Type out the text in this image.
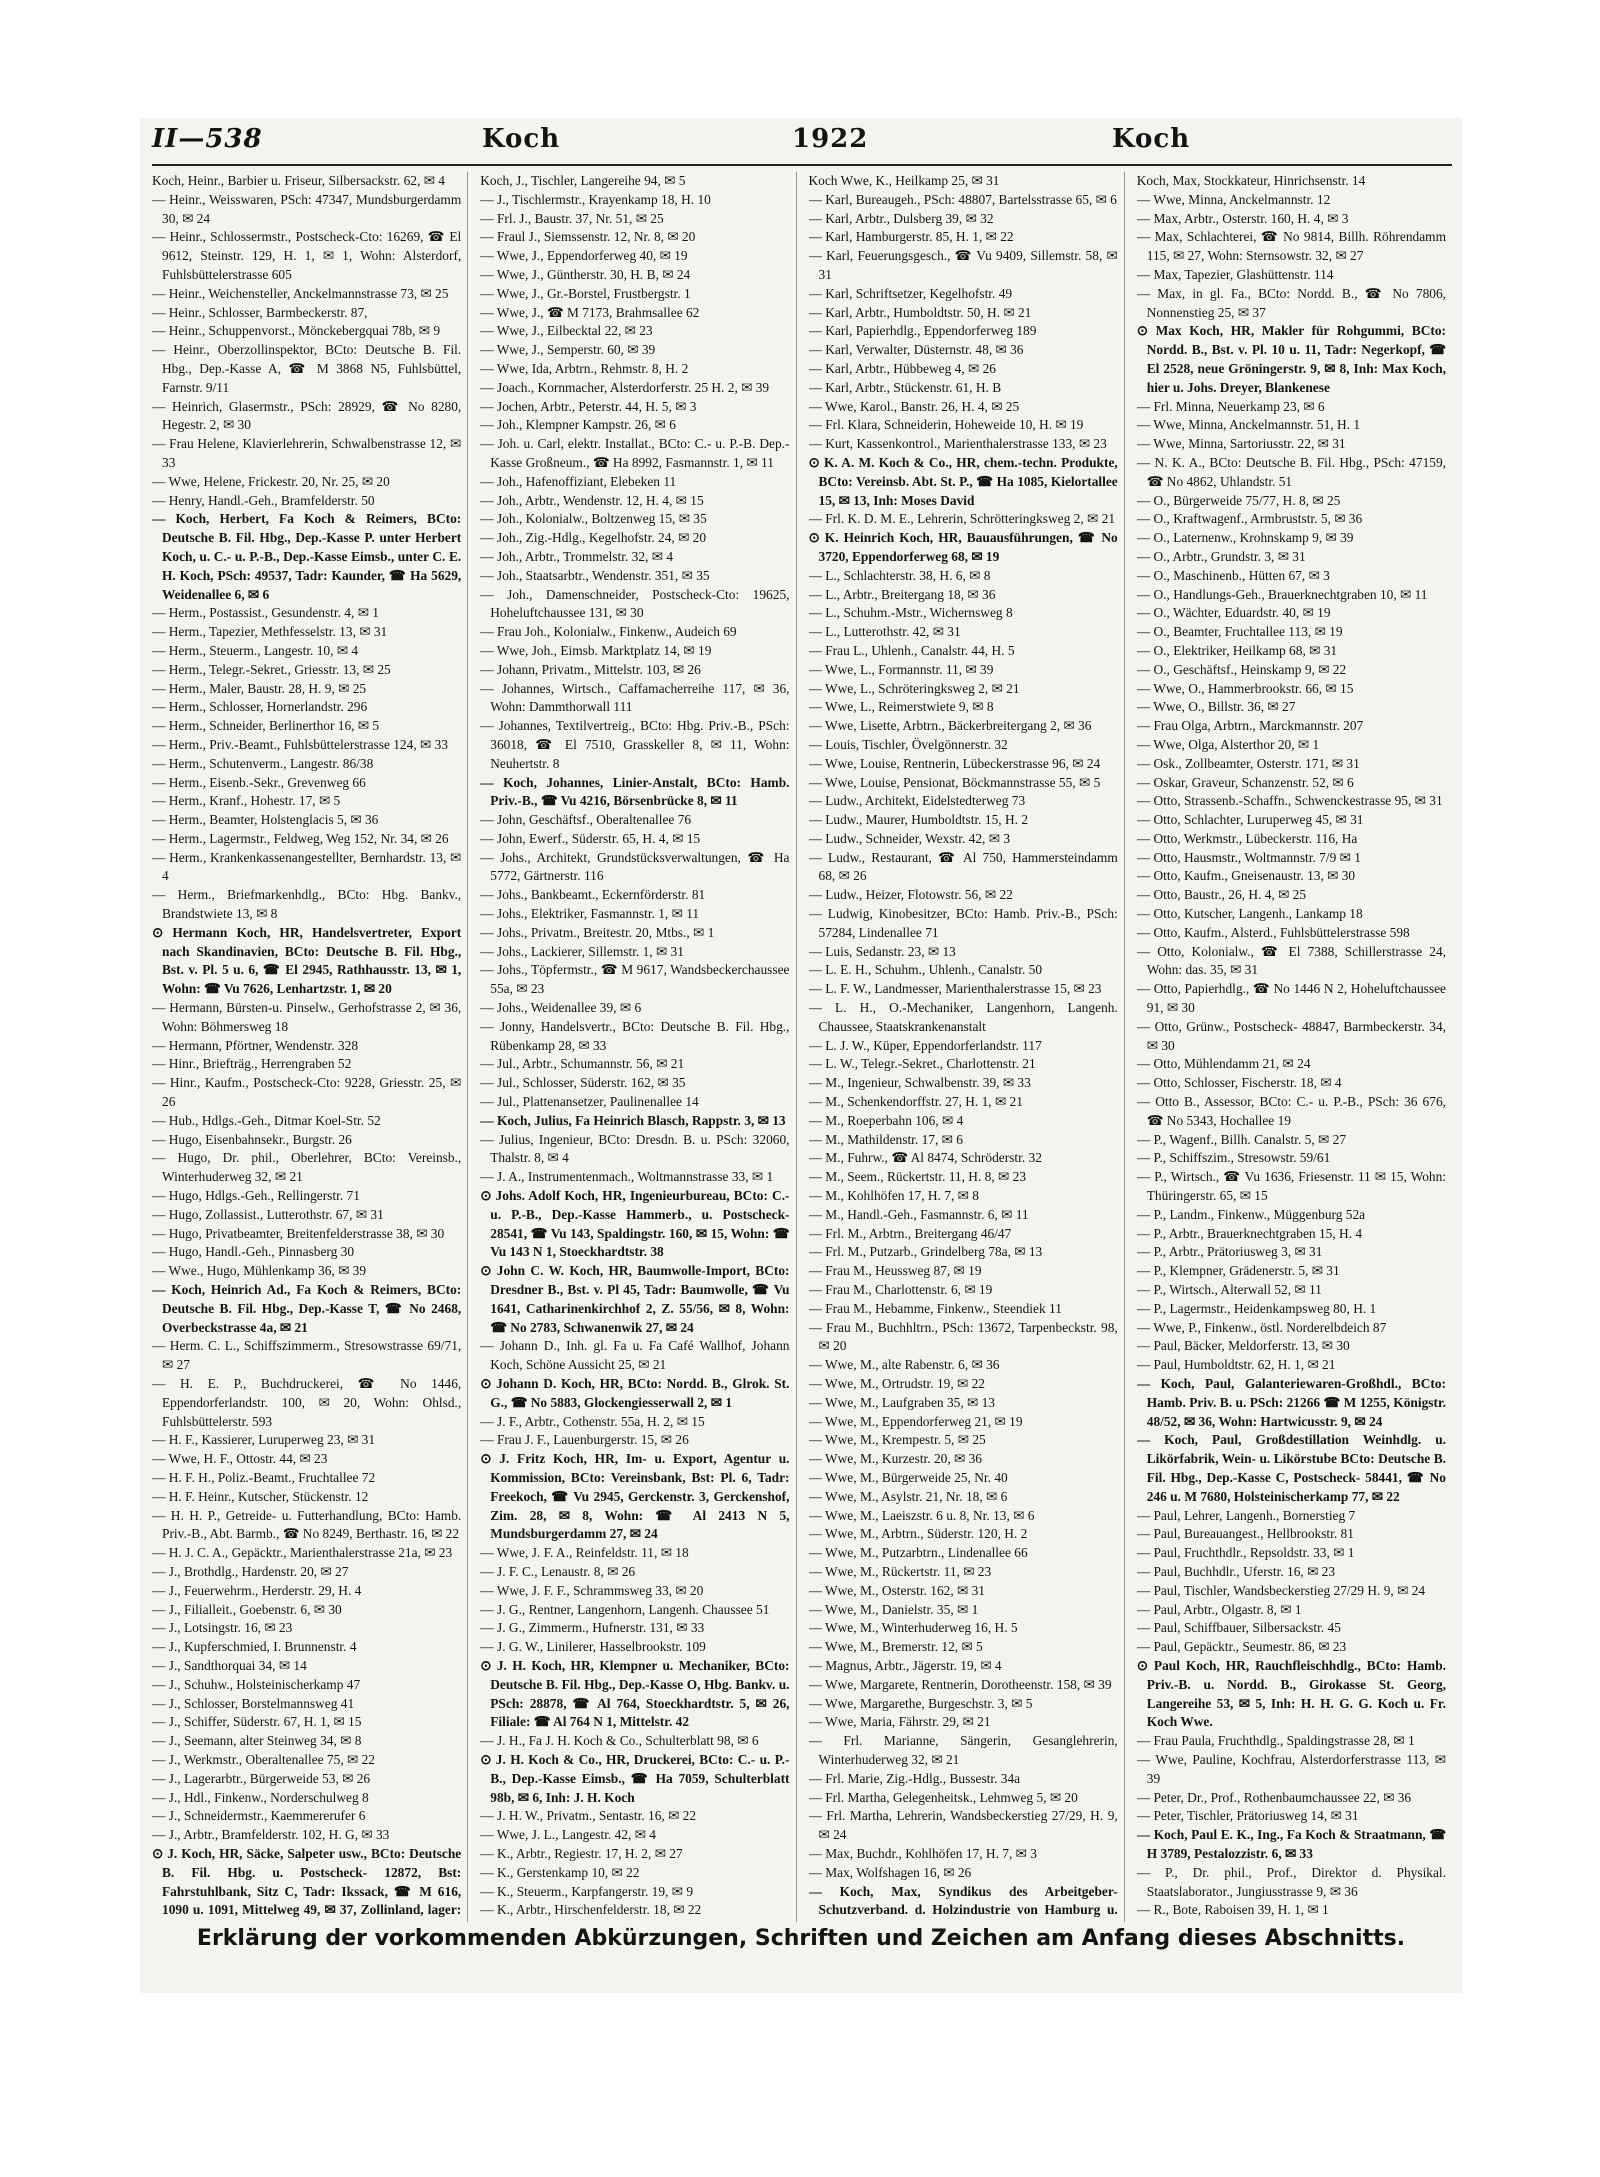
II—538	Koch	1922	Koch

Koch, Heinr., Barbier u. Friseur, Silbersackstr. 62, ✉ 4

— Heinr., Weisswaren, PSch: 47347, Mundsburgerdamm 30, ✉ 24

— Heinr., Schlossermstr., Postscheck-Cto: 16269, ☎ El 9612, Steinstr. 129, H. 1, ✉ 1, Wohn: Alsterdorf, Fuhlsbüttelerstrasse 605

— Heinr., Weichensteller, Anckelmannstrasse 73, ✉ 25

— Heinr., Schlosser, Barmbeckerstr. 87,

— Heinr., Schuppenvorst., Mönckebergquai 78b, ✉ 9

— Heinr., Oberzollinspektor, BCto: Deutsche B. Fil. Hbg., Dep.-Kasse A, ☎ M 3868 N5, Fuhlsbüttel, Farnstr. 9/11

— Heinrich, Glasermstr., PSch: 28929, ☎ No 8280, Hegestr. 2, ✉ 30

— Frau Helene, Klavierlehrerin, Schwalbenstrasse 12, ✉ 33

— Wwe, Helene, Frickestr. 20, Nr. 25, ✉ 20

— Henry, Handl.-Geh., Bramfelderstr. 50

— Koch, Herbert, Fa Koch & Reimers, BCto: Deutsche B. Fil. Hbg., Dep.-Kasse P. unter Herbert Koch, u. C.- u. P.-B., Dep.-Kasse Eimsb., unter C. E. H. Koch, PSch: 49537, Tadr: Kaunder, ☎ Ha 5629, Weidenallee 6, ✉ 6

— Herm., Postassist., Gesundenstr. 4, ✉ 1

— Herm., Tapezier, Methfesselstr. 13, ✉ 31

— Herm., Steuerm., Langestr. 10, ✉ 4

— Herm., Telegr.-Sekret., Griesstr. 13, ✉ 25

— Herm., Maler, Baustr. 28, H. 9, ✉ 25

— Herm., Schlosser, Hornerlandstr. 296

— Herm., Schneider, Berlinerthor 16, ✉ 5

— Herm., Priv.-Beamt., Fuhlsbüttelerstrasse 124, ✉ 33

— Herm., Schutenverm., Langestr. 86/38

— Herm., Eisenb.-Sekr., Grevenweg 66

— Herm., Kranf., Hohestr. 17, ✉ 5

— Herm., Beamter, Holstenglacis 5, ✉ 36

— Herm., Lagermstr., Feldweg, Weg 152, Nr. 34, ✉ 26

— Herm., Krankenkassenangestellter, Bernhardstr. 13, ✉ 4

— Herm., Briefmarkenhdlg., BCto: Hbg. Bankv., Brandstwiete 13, ✉ 8

⊙ Hermann Koch, HR, Handelsvertreter, Export nach Skandinavien, BCto: Deutsche B. Fil. Hbg., Bst. v. Pl. 5 u. 6, ☎ El 2945, Rathhausstr. 13, ✉ 1, Wohn: ☎ Vu 7626, Lenhartzstr. 1, ✉ 20

— Hermann, Bürsten-u. Pinselw., Gerhofstrasse 2, ✉ 36, Wohn: Böhmersweg 18

— Hermann, Pförtner, Wendenstr. 328

— Hinr., Briefträg., Herrengraben 52

— Hinr., Kaufm., Postscheck-Cto: 9228, Griesstr. 25, ✉ 26

— Hub., Hdlgs.-Geh., Ditmar Koel-Str. 52

— Hugo, Eisenbahnsekr., Burgstr. 26

— Hugo, Dr. phil., Oberlehrer, BCto: Vereinsb., Winterhuderweg 32, ✉ 21

— Hugo, Hdlgs.-Geh., Rellingerstr. 71

— Hugo, Zollassist., Lutterothstr. 67, ✉ 31

— Hugo, Privatbeamter, Breitenfelderstrasse 38, ✉ 30

— Hugo, Handl.-Geh., Pinnasberg 30

— Wwe., Hugo, Mühlenkamp 36, ✉ 39

— Koch, Heinrich Ad., Fa Koch & Reimers, BCto: Deutsche B. Fil. Hbg., Dep.-Kasse T, ☎ No 2468, Overbeckstrasse 4a, ✉ 21

— Herm. C. L., Schiffszimmerm., Stresowstrasse 69/71, ✉ 27

— H. E. P., Buchdruckerei, ☎ No 1446, Eppendorferlandstr. 100, ✉ 20, Wohn: Ohlsd., Fuhlsbüttelerstr. 593

— H. F., Kassierer, Luruperweg 23, ✉ 31

— Wwe, H. F., Ottostr. 44, ✉ 23

— H. F. H., Poliz.-Beamt., Fruchtallee 72

— H. F. Heinr., Kutscher, Stückenstr. 12

— H. H. P., Getreide- u. Futterhandlung, BCto: Hamb. Priv.-B., Abt. Barmb., ☎ No 8249, Berthastr. 16, ✉ 22

— H. J. C. A., Gepäcktr., Marienthalerstrasse 21a, ✉ 23

— J., Brothdlg., Hardenstr. 20, ✉ 27

— J., Feuerwehrm., Herderstr. 29, H. 4

— J., Filialleit., Goebenstr. 6, ✉ 30

— J., Lotsingstr. 16, ✉ 23

— J., Kupferschmied, I. Brunnenstr. 4

— J., Sandthorquai 34, ✉ 14

— J., Schuhw., Holsteinischerkamp 47

— J., Schlosser, Borstelmannsweg 41

— J., Schiffer, Süderstr. 67, H. 1, ✉ 15

— J., Seemann, alter Steinweg 34, ✉ 8

— J., Werkmstr., Oberaltenallee 75, ✉ 22

— J., Lagerarbtr., Bürgerweide 53, ✉ 26

— J., Hdl., Finkenw., Norderschulweg 8

— J., Schneidermstr., Kaemmererufer 6

— J., Arbtr., Bramfelderstr. 102, H. G, ✉ 33

⊙ J. Koch, HR, Säcke, Salpeter usw., BCto: Deutsche B. Fil. Hbg. u. Postscheck- 12872, Bst: Fahrstuhlbank, Sitz C, Tadr: Ikssack, ☎ M 616, 1090 u. 1091, Mittelweg 49, ✉ 37, Zollinland, lager:

Koch, J., Tischler, Langereihe 94, ✉ 5

— J., Tischlermstr., Krayenkamp 18, H. 10

— Frl. J., Baustr. 37, Nr. 51, ✉ 25

— Fraul J., Siemssenstr. 12, Nr. 8, ✉ 20

— Wwe, J., Eppendorferweg 40, ✉ 19

— Wwe, J., Güntherstr. 30, H. B, ✉ 24

— Wwe, J., Gr.-Borstel, Frustbergstr. 1

— Wwe, J., ☎ M 7173, Brahmsallee 62

— Wwe, J., Eilbecktal 22, ✉ 23

— Wwe, J., Semperstr. 60, ✉ 39

— Wwe, Ida, Arbtrn., Rehmstr. 8, H. 2

— Joach., Kornmacher, Alsterdorferstr. 25 H. 2, ✉ 39

— Jochen, Arbtr., Peterstr. 44, H. 5, ✉ 3

— Joh., Klempner Kampstr. 26, ✉ 6

— Joh. u. Carl, elektr. Installat., BCto: C.- u. P.-B. Dep.-Kasse Großneum., ☎ Ha 8992, Fasmannstr. 1, ✉ 11

— Joh., Hafenoffiziant, Elebeken 11

— Joh., Arbtr., Wendenstr. 12, H. 4, ✉ 15

— Joh., Kolonialw., Boltzenweg 15, ✉ 35

— Joh., Zig.-Hdlg., Kegelhofstr. 24, ✉ 20

— Joh., Arbtr., Trommelstr. 32, ✉ 4

— Joh., Staatsarbtr., Wendenstr. 351, ✉ 35

— Joh., Damenschneider, Postscheck-Cto: 19625, Hoheluftchaussee 131, ✉ 30

— Frau Joh., Kolonialw., Finkenw., Audeich 69

— Wwe, Joh., Eimsb. Marktplatz 14, ✉ 19

— Johann, Privatm., Mittelstr. 103, ✉ 26

— Johannes, Wirtsch., Caffamacherreihe 117, ✉ 36, Wohn: Dammthorwall 111

— Johannes, Textilvertreig., BCto: Hbg. Priv.-B., PSch: 36018, ☎ El 7510, Grasskeller 8, ✉ 11, Wohn: Neuhertstr. 8

— Koch, Johannes, Linier-Anstalt, BCto: Hamb. Priv.-B., ☎ Vu 4216, Börsenbrücke 8, ✉ 11

— John, Geschäftsf., Oberaltenallee 76

— John, Ewerf., Süderstr. 65, H. 4, ✉ 15

— Johs., Architekt, Grundstücksverwaltungen, ☎ Ha 5772, Gärtnerstr. 116

— Johs., Bankbeamt., Eckernförderstr. 81

— Johs., Elektriker, Fasmannstr. 1, ✉ 11

— Johs., Privatm., Breitestr. 20, Mtbs., ✉ 1

— Johs., Lackierer, Sillemstr. 1, ✉ 31

— Johs., Töpfermstr., ☎ M 9617, Wandsbeckerchaussee 55a, ✉ 23

— Johs., Weidenallee 39, ✉ 6

— Jonny, Handelsvertr., BCto: Deutsche B. Fil. Hbg., Rübenkamp 28, ✉ 33

— Jul., Arbtr., Schumannstr. 56, ✉ 21

— Jul., Schlosser, Süderstr. 162, ✉ 35

— Jul., Plattenansetzer, Paulinenallee 14

— Koch, Julius, Fa Heinrich Blasch, Rappstr. 3, ✉ 13

— Julius, Ingenieur, BCto: Dresdn. B. u. PSch: 32060, Thalstr. 8, ✉ 4

— J. A., Instrumentenmach., Woltmannstrasse 33, ✉ 1

⊙ Johs. Adolf Koch, HR, Ingenieurbureau, BCto: C.- u. P.-B., Dep.-Kasse Hammerb., u. Postscheck- 28541, ☎ Vu 143, Spaldingstr. 160, ✉ 15, Wohn: ☎ Vu 143 N 1, Stoeckhardtstr. 38

⊙ John C. W. Koch, HR, Baumwolle-Import, BCto: Dresdner B., Bst. v. Pl 45, Tadr: Baumwolle, ☎ Vu 1641, Catharinenkirchhof 2, Z. 55/56, ✉ 8, Wohn: ☎ No 2783, Schwanenwik 27, ✉ 24

— Johann D., Inh. gl. Fa u. Fa Café Wallhof, Johann Koch, Schöne Aussicht 25, ✉ 21

⊙ Johann D. Koch, HR, BCto: Nordd. B., Glrok. St. G., ☎ No 5883, Glockengiesserwall 2, ✉ 1

— J. F., Arbtr., Cothenstr. 55a, H. 2, ✉ 15

— Frau J. F., Lauenburgerstr. 15, ✉ 26

⊙ J. Fritz Koch, HR, Im- u. Export, Agentur u. Kommission, BCto: Vereinsbank, Bst: Pl. 6, Tadr: Freekoch, ☎ Vu 2945, Gerckenstr. 3, Gerckenshof, Zim. 28, ✉ 8, Wohn: ☎ Al 2413 N 5, Mundsburgerdamm 27, ✉ 24

— Wwe, J. F. A., Reinfeldstr. 11, ✉ 18

— J. F. C., Lenaustr. 8, ✉ 26

— Wwe, J. F. F., Schrammsweg 33, ✉ 20

— J. G., Rentner, Langenhorn, Langenh. Chaussee 51

— J. G., Zimmerm., Hufnerstr. 131, ✉ 33

— J. G. W., Linilerer, Hasselbrookstr. 109

⊙ J. H. Koch, HR, Klempner u. Mechaniker, BCto: Deutsche B. Fil. Hbg., Dep.-Kasse O, Hbg. Bankv. u. PSch: 28878, ☎ Al 764, Stoeckhardtstr. 5, ✉ 26, Filiale: ☎ Al 764 N 1, Mittelstr. 42

— J. H., Fa J. H. Koch & Co., Schulterblatt 98, ✉ 6

⊙ J. H. Koch & Co., HR, Druckerei, BCto: C.- u. P.-B., Dep.-Kasse Eimsb., ☎ Ha 7059, Schulterblatt 98b, ✉ 6, Inh: J. H. Koch

— J. H. W., Privatm., Sentastr. 16, ✉ 22

— Wwe, J. L., Langestr. 42, ✉ 4

— K., Arbtr., Regiestr. 17, H. 2, ✉ 27

— K., Gerstenkamp 10, ✉ 22

— K., Steuerm., Karpfangerstr. 19, ✉ 9

— K., Arbtr., Hirschenfelderstr. 18, ✉ 22

Koch Wwe, K., Heilkamp 25, ✉ 31

— Karl, Bureaugeh., PSch: 48807, Bartelsstrasse 65, ✉ 6

— Karl, Arbtr., Dulsberg 39, ✉ 32

— Karl, Hamburgerstr. 85, H. 1, ✉ 22

— Karl, Feuerungsgesch., ☎ Vu 9409, Sillemstr. 58, ✉ 31

— Karl, Schriftsetzer, Kegelhofstr. 49

— Karl, Arbtr., Humboldtstr. 50, H. ✉ 21

— Karl, Papierhdlg., Eppendorferweg 189

— Karl, Verwalter, Düsternstr. 48, ✉ 36

— Karl, Arbtr., Hübbeweg 4, ✉ 26

— Karl, Arbtr., Stückenstr. 61, H. B

— Wwe, Karol., Banstr. 26, H. 4, ✉ 25

— Frl. Klara, Schneiderin, Hoheweide 10, H. ✉ 19

— Kurt, Kassenkontrol., Marienthalerstrasse 133, ✉ 23

⊙ K. A. M. Koch & Co., HR, chem.-techn. Produkte, BCto: Vereinsb. Abt. St. P., ☎ Ha 1085, Kielortallee 15, ✉ 13, Inh: Moses David

— Frl. K. D. M. E., Lehrerin, Schrötteringksweg 2, ✉ 21

⊙ K. Heinrich Koch, HR, Bauausführungen, ☎ No 3720, Eppendorferweg 68, ✉ 19

— L., Schlachterstr. 38, H. 6, ✉ 8

— L., Arbtr., Breitergang 18, ✉ 36

— L., Schuhm.-Mstr., Wichernsweg 8

— L., Lutterothstr. 42, ✉ 31

— Frau L., Uhlenh., Canalstr. 44, H. 5

— Wwe, L., Formannstr. 11, ✉ 39

— Wwe, L., Schröteringksweg 2, ✉ 21

— Wwe, L., Reimerstwiete 9, ✉ 8

— Wwe, Lisette, Arbtrn., Bäckerbreitergang 2, ✉ 36

— Louis, Tischler, Övelgönnerstr. 32

— Wwe, Louise, Rentnerin, Lübeckerstrasse 96, ✉ 24

— Wwe, Louise, Pensionat, Böckmannstrasse 55, ✉ 5

— Ludw., Architekt, Eidelstedterweg 73

— Ludw., Maurer, Humboldtstr. 15, H. 2

— Ludw., Schneider, Wexstr. 42, ✉ 3

— Ludw., Restaurant, ☎ Al 750, Hammersteindamm 68, ✉ 26

— Ludw., Heizer, Flotowstr. 56, ✉ 22

— Ludwig, Kinobesitzer, BCto: Hamb. Priv.-B., PSch: 57284, Lindenallee 71

— Luis, Sedanstr. 23, ✉ 13

— L. E. H., Schuhm., Uhlenh., Canalstr. 50

— L. F. W., Landmesser, Marienthalerstrasse 15, ✉ 23

— L. H., O.-Mechaniker, Langenhorn, Langenh. Chaussee, Staatskrankenanstalt

— L. J. W., Küper, Eppendorferlandstr. 117

— L. W., Telegr.-Sekret., Charlottenstr. 21

— M., Ingenieur, Schwalbenstr. 39, ✉ 33

— M., Schenkendorffstr. 27, H. 1, ✉ 21

— M., Roeperbahn 106, ✉ 4

— M., Mathildenstr. 17, ✉ 6

— M., Fuhrw., ☎ Al 8474, Schröderstr. 32

— M., Seem., Rückertstr. 11, H. 8, ✉ 23

— M., Kohlhöfen 17, H. 7, ✉ 8

— M., Handl.-Geh., Fasmannstr. 6, ✉ 11

— Frl. M., Arbtrn., Breitergang 46/47

— Frl. M., Putzarb., Grindelberg 78a, ✉ 13

— Frau M., Heussweg 87, ✉ 19

— Frau M., Charlottenstr. 6, ✉ 19

— Frau M., Hebamme, Finkenw., Steendiek 11

— Frau M., Buchhltrn., PSch: 13672, Tarpenbeckstr. 98, ✉ 20

— Wwe, M., alte Rabenstr. 6, ✉ 36

— Wwe, M., Ortrudstr. 19, ✉ 22

— Wwe, M., Laufgraben 35, ✉ 13

— Wwe, M., Eppendorferweg 21, ✉ 19

— Wwe, M., Krempestr. 5, ✉ 25

— Wwe, M., Kurzestr. 20, ✉ 36

— Wwe, M., Bürgerweide 25, Nr. 40

— Wwe, M., Asylstr. 21, Nr. 18, ✉ 6

— Wwe, M., Laeiszstr. 6 u. 8, Nr. 13, ✉ 6

— Wwe, M., Arbtrn., Süderstr. 120, H. 2

— Wwe, M., Putzarbtrn., Lindenallee 66

— Wwe, M., Rückertstr. 11, ✉ 23

— Wwe, M., Osterstr. 162, ✉ 31

— Wwe, M., Danielstr. 35, ✉ 1

— Wwe, M., Winterhuderweg 16, H. 5

— Wwe, M., Bremerstr. 12, ✉ 5

— Magnus, Arbtr., Jägerstr. 19, ✉ 4

— Wwe, Margarete, Rentnerin, Dorotheenstr. 158, ✉ 39

— Wwe, Margarethe, Burgeschstr. 3, ✉ 5

— Wwe, Maria, Fährstr. 29, ✉ 21

— Frl. Marianne, Sängerin, Gesanglehrerin, Winterhuderweg 32, ✉ 21

— Frl. Marie, Zig.-Hdlg., Bussestr. 34a

— Frl. Martha, Gelegenheitsk., Lehmweg 5, ✉ 20

— Frl. Martha, Lehrerin, Wandsbeckerstieg 27/29, H. 9, ✉ 24

— Max, Buchdr., Kohlhöfen 17, H. 7, ✉ 3

— Max, Wolfshagen 16, ✉ 26

— Koch, Max, Syndikus des Arbeitgeber-Schutzverband. d. Holzindustrie von Hamburg u.

Koch, Max, Stockkateur, Hinrichsenstr. 14

— Wwe, Minna, Anckelmannstr. 12

— Max, Arbtr., Osterstr. 160, H. 4, ✉ 3

— Max, Schlachterei, ☎ No 9814, Billh. Röhrendamm 115, ✉ 27, Wohn: Sternsowstr. 32, ✉ 27

— Max, Tapezier, Glashüttenstr. 114

— Max, in gl. Fa., BCto: Nordd. B., ☎ No 7806, Nonnenstieg 25, ✉ 37

⊙ Max Koch, HR, Makler für Rohgummi, BCto: Nordd. B., Bst. v. Pl. 10 u. 11, Tadr: Negerkopf, ☎ El 2528, neue Gröningerstr. 9, ✉ 8, Inh: Max Koch, hier u. Johs. Dreyer, Blankenese

— Frl. Minna, Neuerkamp 23, ✉ 6

— Wwe, Minna, Anckelmannstr. 51, H. 1

— Wwe, Minna, Sartoriusstr. 22, ✉ 31

— N. K. A., BCto: Deutsche B. Fil. Hbg., PSch: 47159, ☎ No 4862, Uhlandstr. 51

— O., Bürgerweide 75/77, H. 8, ✉ 25

— O., Kraftwagenf., Armbruststr. 5, ✉ 36

— O., Laternenw., Krohnskamp 9, ✉ 39

— O., Arbtr., Grundstr. 3, ✉ 31

— O., Maschinenb., Hütten 67, ✉ 3

— O., Handlungs-Geh., Brauerknechtgraben 10, ✉ 11

— O., Wächter, Eduardstr. 40, ✉ 19

— O., Beamter, Fruchtallee 113, ✉ 19

— O., Elektriker, Heilkamp 68, ✉ 31

— O., Geschäftsf., Heinskamp 9, ✉ 22

— Wwe, O., Hammerbrookstr. 66, ✉ 15

— Wwe, O., Billstr. 36, ✉ 27

— Frau Olga, Arbtrn., Marckmannstr. 207

— Wwe, Olga, Alsterthor 20, ✉ 1

— Osk., Zollbeamter, Osterstr. 171, ✉ 31

— Oskar, Graveur, Schanzenstr. 52, ✉ 6

— Otto, Strassenb.-Schaffn., Schwenckestrasse 95, ✉ 31

— Otto, Schlachter, Luruperweg 45, ✉ 31

— Otto, Werkmstr., Lübeckerstr. 116, Ha

— Otto, Hausmstr., Woltmannstr. 7/9 ✉ 1

— Otto, Kaufm., Gneisenaustr. 13, ✉ 30

— Otto, Baustr., 26, H. 4, ✉ 25

— Otto, Kutscher, Langenh., Lankamp 18

— Otto, Kaufm., Alsterd., Fuhlsbüttelerstrasse 598

— Otto, Kolonialw., ☎ El 7388, Schillerstrasse 24, Wohn: das. 35, ✉ 31

— Otto, Papierhdlg., ☎ No 1446 N 2, Hoheluftchaussee 91, ✉ 30

— Otto, Grünw., Postscheck- 48847, Barmbeckerstr. 34, ✉ 30

— Otto, Mühlendamm 21, ✉ 24

— Otto, Schlosser, Fischerstr. 18, ✉ 4

— Otto B., Assessor, BCto: C.- u. P.-B., PSch: 36 676, ☎ No 5343, Hochallee 19

— P., Wagenf., Billh. Canalstr. 5, ✉ 27

— P., Schiffszim., Stresowstr. 59/61

— P., Wirtsch., ☎ Vu 1636, Friesenstr. 11 ✉ 15, Wohn: Thüringerstr. 65, ✉ 15

— P., Landm., Finkenw., Müggenburg 52a

— P., Arbtr., Brauerknechtgraben 15, H. 4

— P., Arbtr., Prätoriusweg 3, ✉ 31

— P., Klempner, Grädenerstr. 5, ✉ 31

— P., Wirtsch., Alterwall 52, ✉ 11

— P., Lagermstr., Heidenkampsweg 80, H. 1

— Wwe, P., Finkenw., östl. Norderelbdeich 87

— Paul, Bäcker, Meldorferstr. 13, ✉ 30

— Paul, Humboldtstr. 62, H. 1, ✉ 21

— Koch, Paul, Galanteriewaren-Großhdl., BCto: Hamb. Priv. B. u. PSch: 21266 ☎ M 1255, Königstr. 48/52, ✉ 36, Wohn: Hartwicusstr. 9, ✉ 24

— Koch, Paul, Großdestillation Weinhdlg. u. Likörfabrik, Wein- u. Likörstube BCto: Deutsche B. Fil. Hbg., Dep.-Kasse C, Postscheck- 58441, ☎ No 246 u. M 7680, Holsteinischerkamp 77, ✉ 22

— Paul, Lehrer, Langenh., Bornerstieg 7

— Paul, Bureauangest., Hellbrookstr. 81

— Paul, Fruchthdlr., Repsoldstr. 33, ✉ 1

— Paul, Buchhdlr., Uferstr. 16, ✉ 23

— Paul, Tischler, Wandsbeckerstieg 27/29 H. 9, ✉ 24

— Paul, Arbtr., Olgastr. 8, ✉ 1

— Paul, Schiffbauer, Silbersackstr. 45

— Paul, Gepäcktr., Seumestr. 86, ✉ 23

⊙ Paul Koch, HR, Rauchfleischhdlg., BCto: Hamb. Priv.-B. u. Nordd. B., Girokasse St. Georg, Langereihe 53, ✉ 5, Inh: H. H. G. G. Koch u. Fr. Koch Wwe.

— Frau Paula, Fruchthdlg., Spaldingstrasse 28, ✉ 1

— Wwe, Pauline, Kochfrau, Alsterdorferstrasse 113, ✉ 39

— Peter, Dr., Prof., Rothenbaumchaussee 22, ✉ 36

— Peter, Tischler, Prätoriusweg 14, ✉ 31

— Koch, Paul E. K., Ing., Fa Koch & Straatmann, ☎ H 3789, Pestalozzistr. 6, ✉ 33

— P., Dr. phil., Prof., Direktor d. Physikal. Staatslaborator., Jungiusstrasse 9, ✉ 36

— R., Bote, Raboisen 39, H. 1, ✉ 1

Erklärung der vorkommenden Abkürzungen, Schriften und Zeichen am Anfang dieses Abschnitts.
